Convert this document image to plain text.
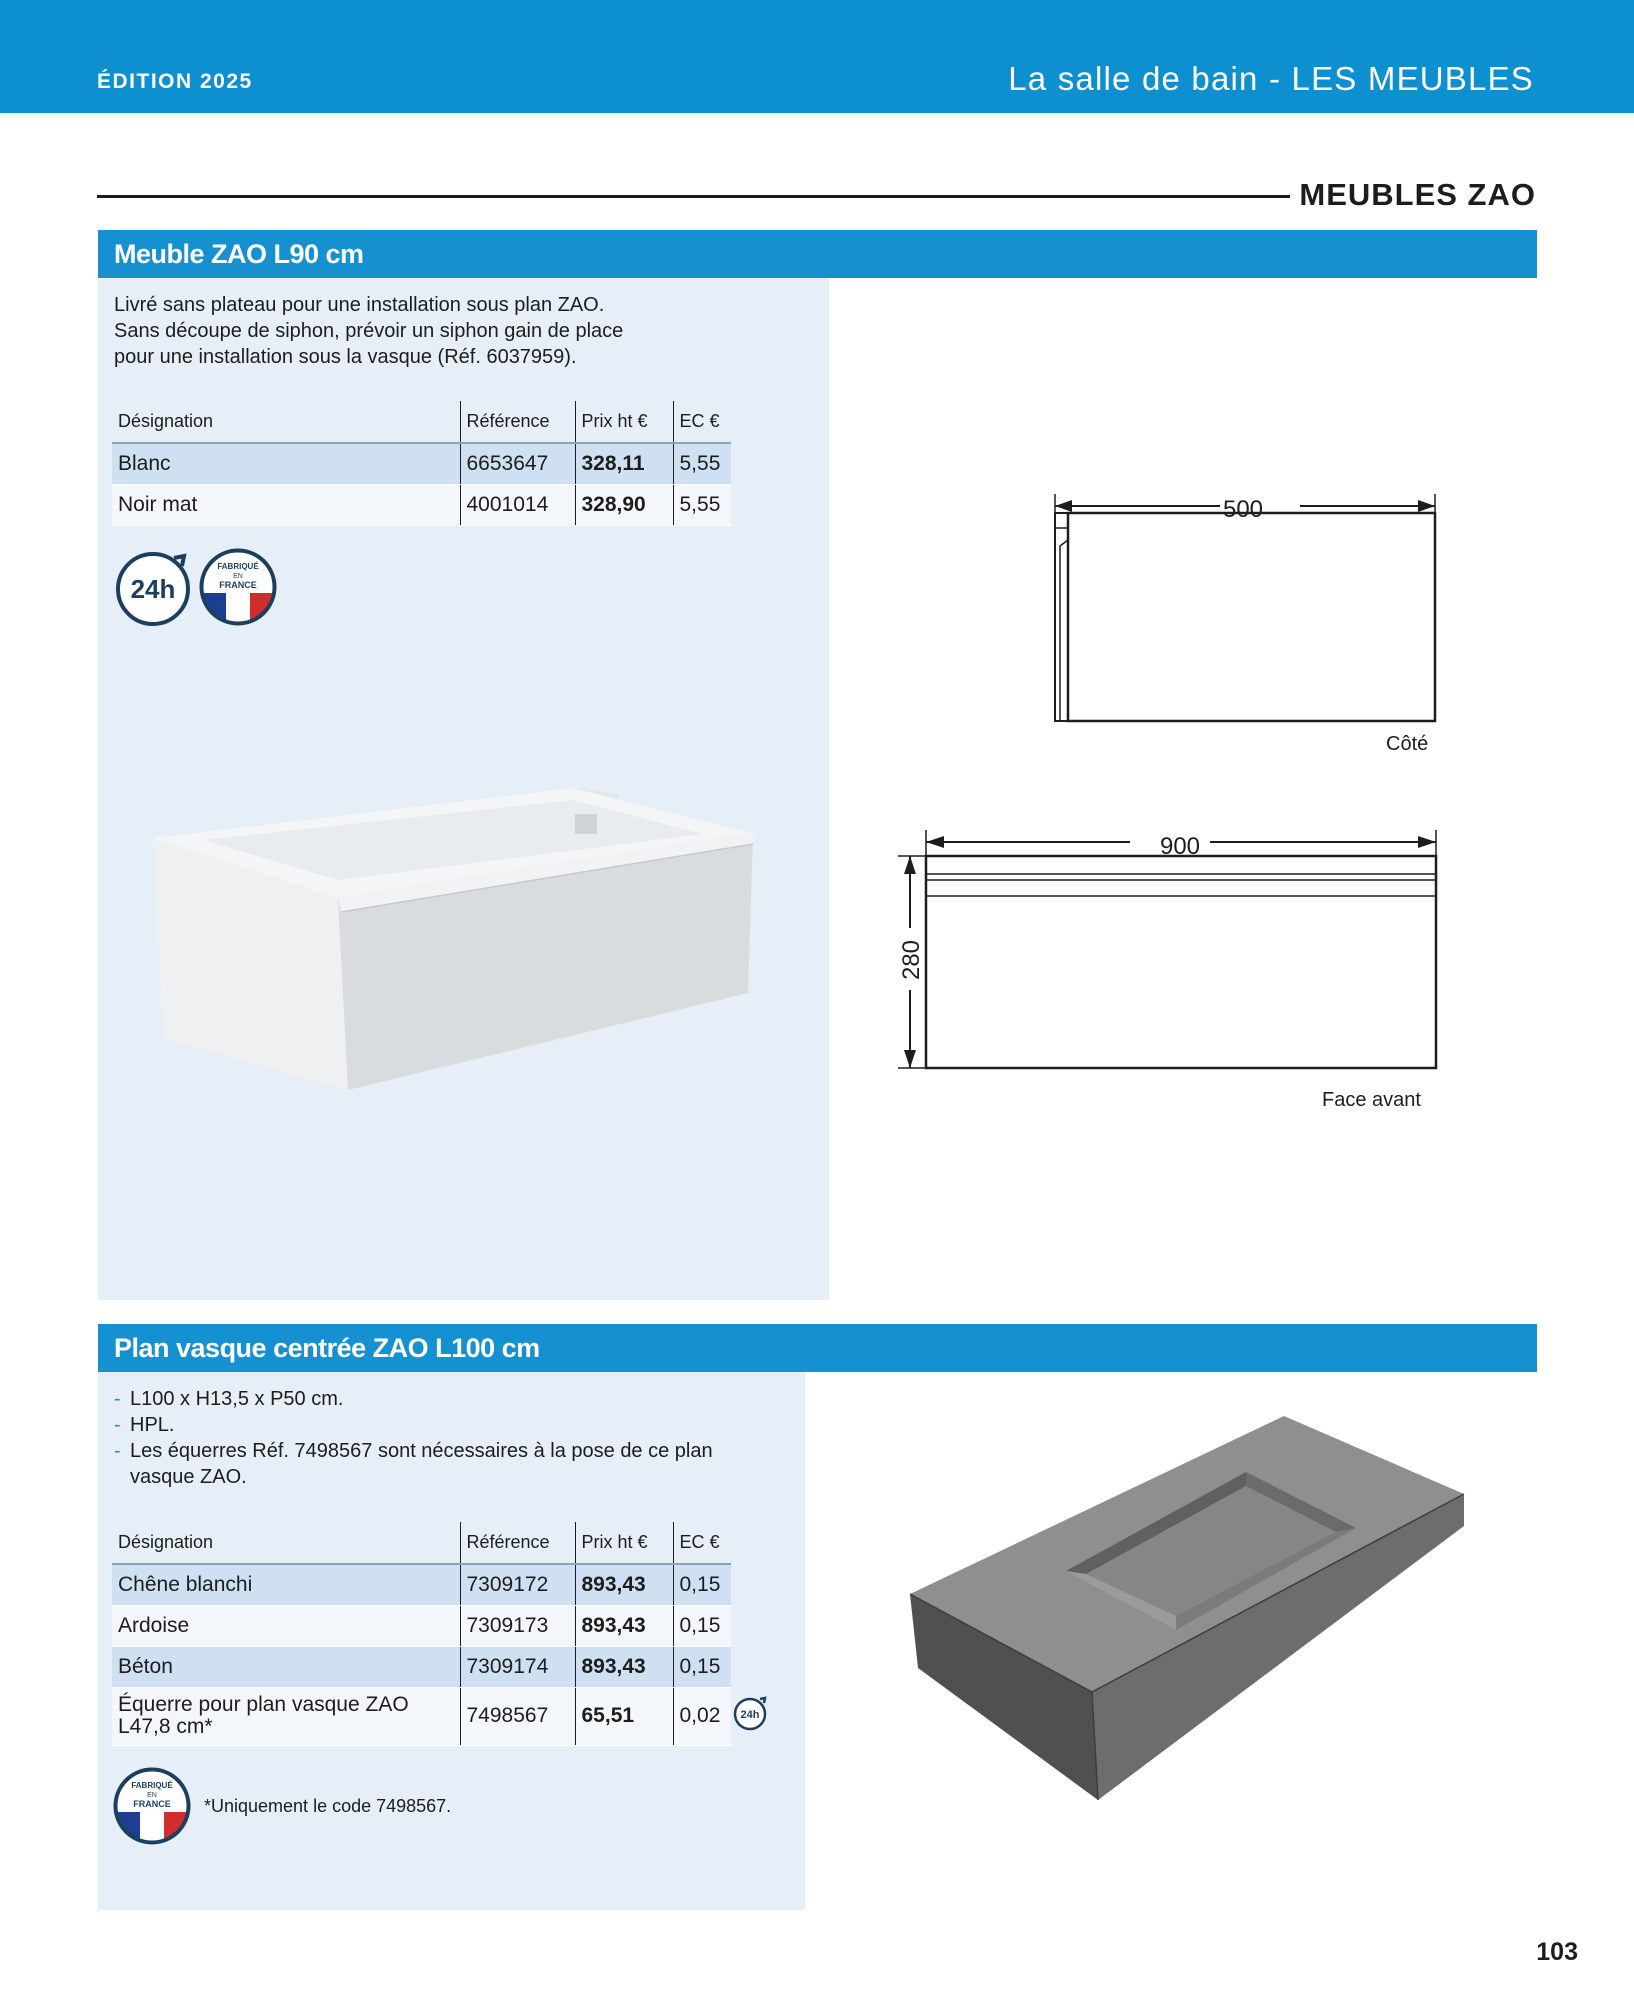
ÉDITION 2025	La salle de bain - LES MEUBLES
MEUBLES ZAO
Meuble ZAO L90 cm
Livré sans plateau pour une installation sous plan ZAO.
Sans découpe de siphon, prévoir un siphon gain de place
pour une installation sous la vasque (Réf. 6037959).
Désignation	Référence	Prix ht €	EC €
Blanc	6653647	328,11	5,55
Noir mat	4001014	328,90	5,55
24h
FABRIQUÉ
EN
FRANCE
500
Côté
900
280
Face avant
Plan vasque centrée ZAO L100 cm
- L100 x H13,5 x P50 cm.
- HPL.
- Les équerres Réf. 7498567 sont nécessaires à la pose de ce plan vasque ZAO.
Désignation	Référence	Prix ht €	EC €
Chêne blanchi	7309172	893,43	0,15
Ardoise	7309173	893,43	0,15
Béton	7309174	893,43	0,15
Équerre pour plan vasque ZAO L47,8 cm*	7498567	65,51	0,02 24h
FABRIQUÉ
EN
FRANCE *Uniquement le code 7498567.
103
